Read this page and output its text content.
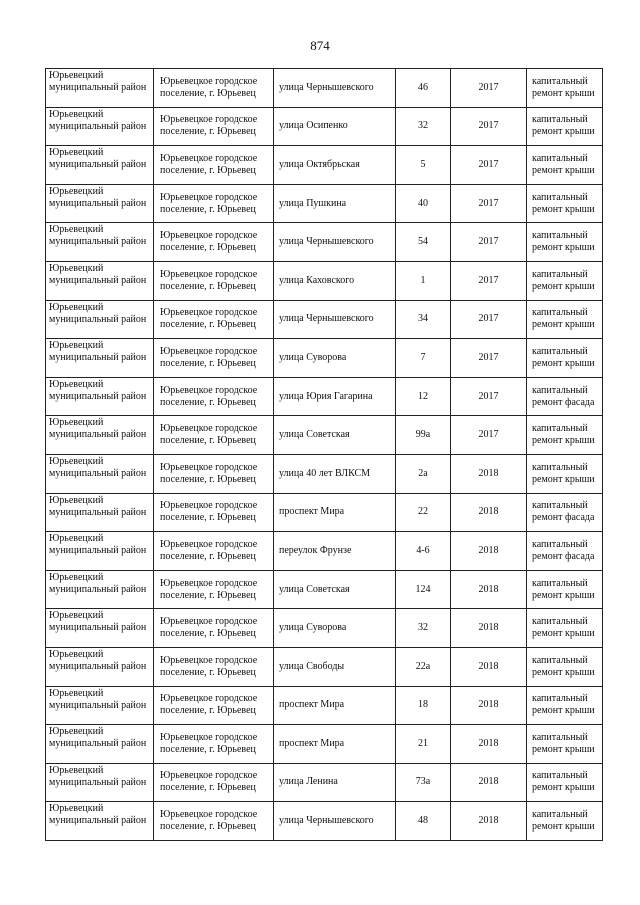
874
Юрьевецкий муниципальный район	Юрьевецкое городское поселение, г. Юрьевец	улица Чернышевского	46	2017	капитальный ремонт крыши
Юрьевецкий муниципальный район	Юрьевецкое городское поселение, г. Юрьевец	улица Осипенко	32	2017	капитальный ремонт крыши
Юрьевецкий муниципальный район	Юрьевецкое городское поселение, г. Юрьевец	улица Октябрьская	5	2017	капитальный ремонт крыши
Юрьевецкий муниципальный район	Юрьевецкое городское поселение, г. Юрьевец	улица Пушкина	40	2017	капитальный ремонт крыши
Юрьевецкий муниципальный район	Юрьевецкое городское поселение, г. Юрьевец	улица Чернышевского	54	2017	капитальный ремонт крыши
Юрьевецкий муниципальный район	Юрьевецкое городское поселение, г. Юрьевец	улица Каховского	1	2017	капитальный ремонт крыши
Юрьевецкий муниципальный район	Юрьевецкое городское поселение, г. Юрьевец	улица Чернышевского	34	2017	капитальный ремонт крыши
Юрьевецкий муниципальный район	Юрьевецкое городское поселение, г. Юрьевец	улица Суворова	7	2017	капитальный ремонт крыши
Юрьевецкий муниципальный район	Юрьевецкое городское поселение, г. Юрьевец	улица Юрия Гагарина	12	2017	капитальный ремонт фасада
Юрьевецкий муниципальный район	Юрьевецкое городское поселение, г. Юрьевец	улица Советская	99а	2017	капитальный ремонт крыши
Юрьевецкий муниципальный район	Юрьевецкое городское поселение, г. Юрьевец	улица 40 лет ВЛКСМ	2а	2018	капитальный ремонт крыши
Юрьевецкий муниципальный район	Юрьевецкое городское поселение, г. Юрьевец	проспект Мира	22	2018	капитальный ремонт фасада
Юрьевецкий муниципальный район	Юрьевецкое городское поселение, г. Юрьевец	переулок Фрунзе	4-6	2018	капитальный ремонт фасада
Юрьевецкий муниципальный район	Юрьевецкое городское поселение, г. Юрьевец	улица Советская	124	2018	капитальный ремонт крыши
Юрьевецкий муниципальный район	Юрьевецкое городское поселение, г. Юрьевец	улица Суворова	32	2018	капитальный ремонт крыши
Юрьевецкий муниципальный район	Юрьевецкое городское поселение, г. Юрьевец	улица Свободы	22а	2018	капитальный ремонт крыши
Юрьевецкий муниципальный район	Юрьевецкое городское поселение, г. Юрьевец	проспект Мира	18	2018	капитальный ремонт крыши
Юрьевецкий муниципальный район	Юрьевецкое городское поселение, г. Юрьевец	проспект Мира	21	2018	капитальный ремонт крыши
Юрьевецкий муниципальный район	Юрьевецкое городское поселение, г. Юрьевец	улица Ленина	73а	2018	капитальный ремонт крыши
Юрьевецкий муниципальный район	Юрьевецкое городское поселение, г. Юрьевец	улица Чернышевского	48	2018	капитальный ремонт крыши
